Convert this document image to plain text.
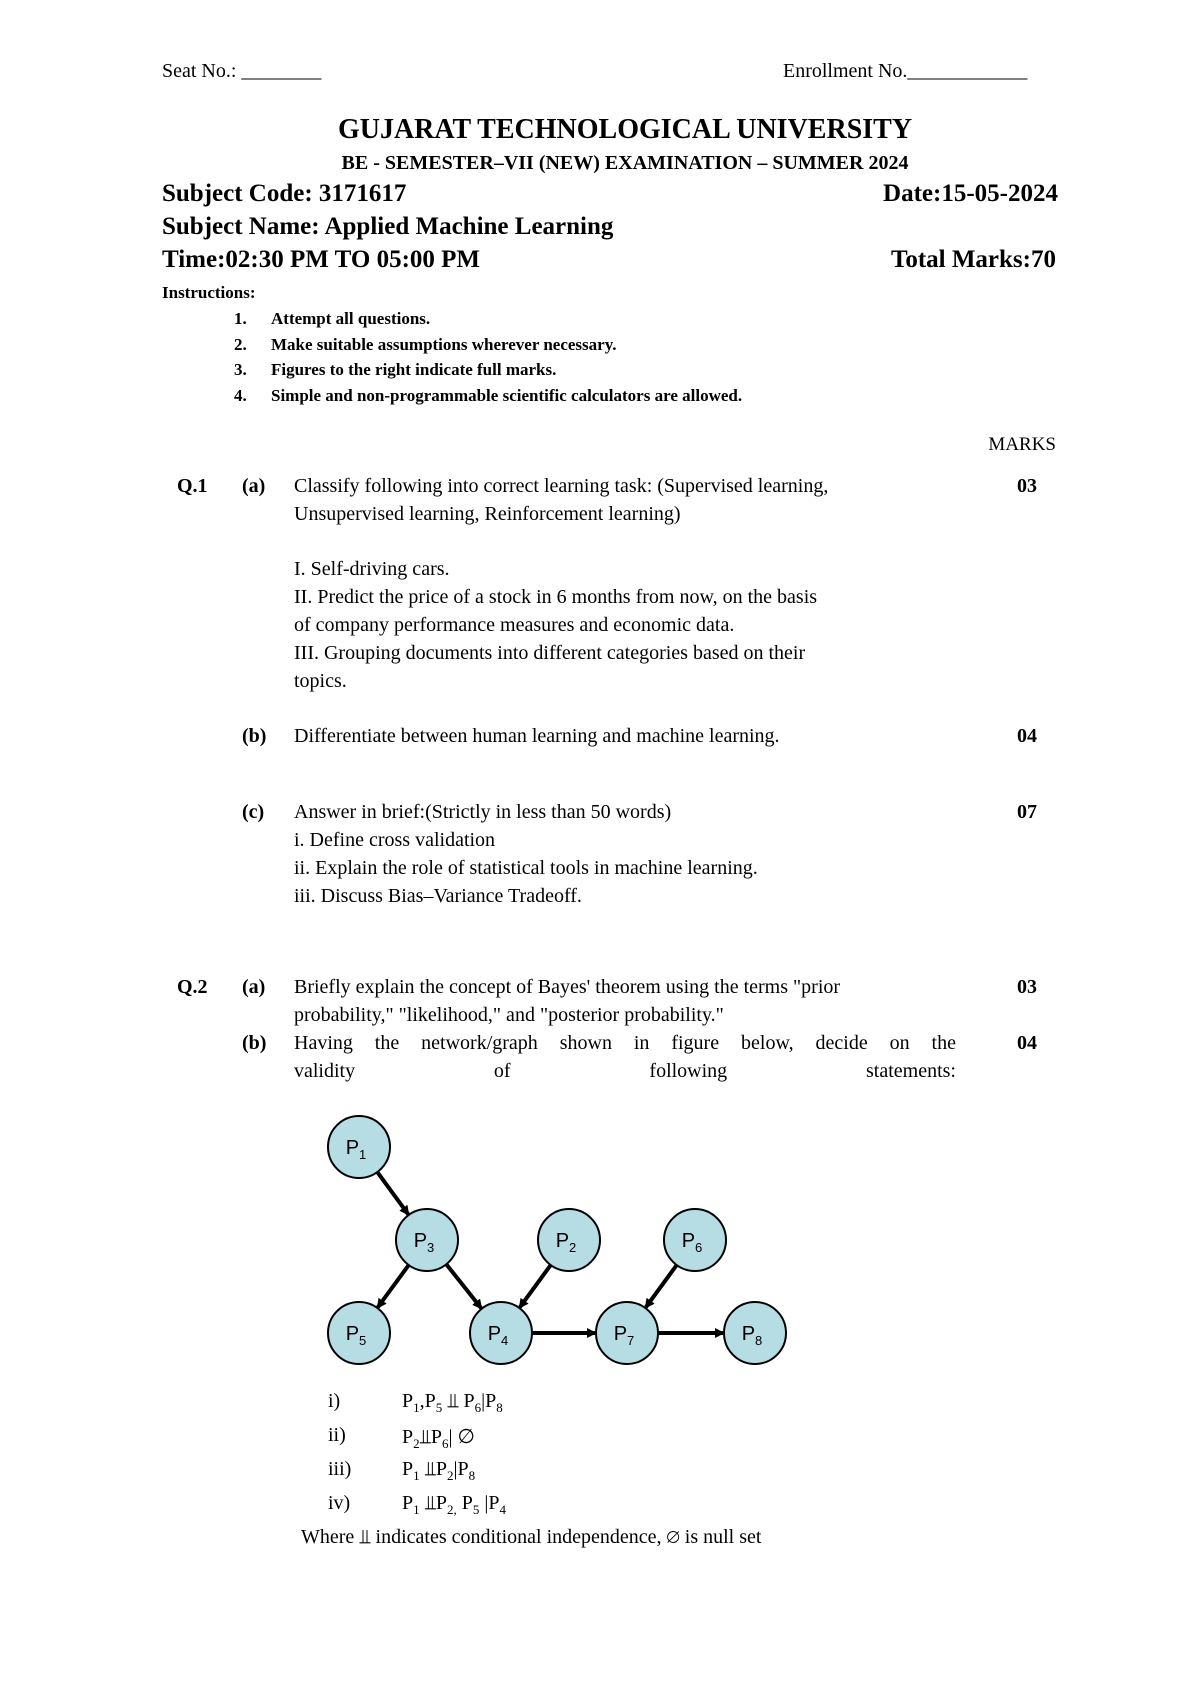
Seat No.: ________	Enrollment No.____________
GUJARAT TECHNOLOGICAL UNIVERSITY
BE - SEMESTER–VII (NEW) EXAMINATION – SUMMER 2024
Subject Code: 3171617	Date:15-05-2024
Subject Name: Applied Machine Learning
Time:02:30 PM TO 05:00 PM	Total Marks:70
Instructions:
1. Attempt all questions.
2. Make suitable assumptions wherever necessary.
3. Figures to the right indicate full marks.
4. Simple and non-programmable scientific calculators are allowed.
MARKS
Q.1 (a) Classify following into correct learning task: (Supervised learning,
Unsupervised learning, Reinforcement learning)
I. Self-driving cars.
II. Predict the price of a stock in 6 months from now, on the basis
of company performance measures and economic data.
III. Grouping documents into different categories based on their
topics.
03
(b) Differentiate between human learning and machine learning.	04
(c) Answer in brief:(Strictly in less than 50 words)
i. Define cross validation
ii. Explain the role of statistical tools in machine learning.
iii. Discuss Bias–Variance Tradeoff.
07
Q.2 (a) Briefly explain the concept of Bayes' theorem using the terms "prior
probability," "likelihood," and "posterior probability."
03
(b) Having the network/graph shown in figure below, decide on the
validity of following statements:
04
$P_1$
$P_3$	$P_2$	$P_6$
$P_5$	$P_4$	$P_7$	$P_8$
i)	$P_1,P_5$ ⫫ $P_6|P_8$
ii)	$P_2⫫P_6|$ ∅
iii)	$P_1$ $⫫P_2|P_8$
iv)	$P_1$ $⫫P_{2,}$ $P_5$ $|P_4$
Where ⫫ indicates conditional independence, ∅ is null set
